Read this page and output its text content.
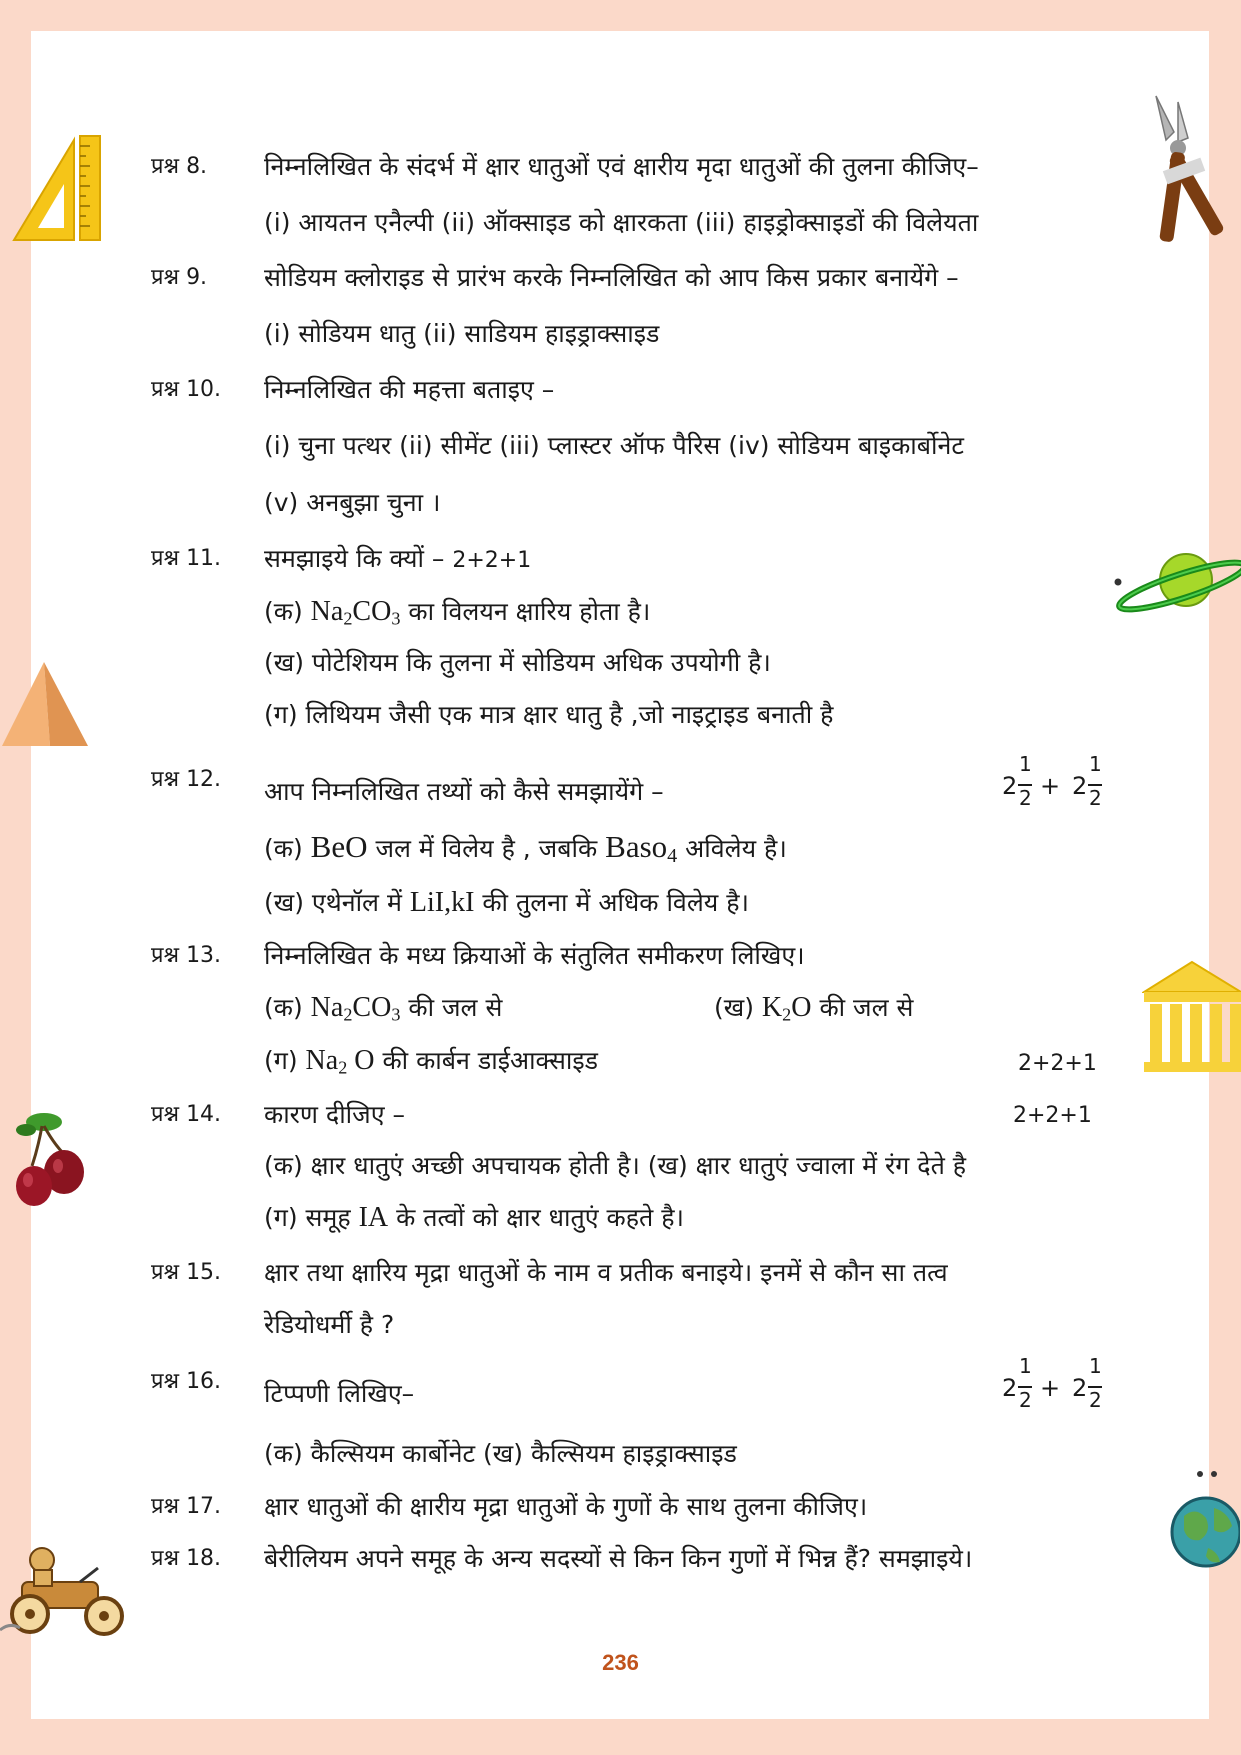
प्रश्न 8.	निम्नलिखित के संदर्भ में क्षार धातुओं एवं क्षारीय मृदा धातुओं की तुलना कीजिए–
(i) आयतन एनैल्पी (ii) ऑक्साइड को क्षारकता (iii) हाइड्रोक्साइडों की विलेयता
प्रश्न 9.	सोडियम क्लोराइड से प्रारंभ करके निम्नलिखित को आप किस प्रकार बनायेंगे –
(i) सोडियम धातु (ii) साडियम हाइड्राक्साइड
प्रश्न 10.	निम्नलिखित की महत्ता बताइए –
(i) चुना पत्थर (ii) सीमेंट (iii) प्लास्टर ऑफ पैरिस (iv) सोडियम बाइकार्बोनेट
(v) अनबुझा चुना ।
प्रश्न 11.	समझाइये कि क्यों – 2+2+1
(क) $Na_2CO_3$ का विलयन क्षारिय होता है।
(ख) पोटेशियम कि तुलना में सोडियम अधिक उपयोगी है।
(ग) लिथियम जैसी एक मात्र क्षार धातु है ,जो नाइट्राइड बनाती है
प्रश्न 12.	आप निम्नलिखित तथ्यों को कैसे समझायेंगे –	2
1
2 + 2
1
2
(क) BeO जल में विलेय है , जबकि Baso$_4$ अविलेय है।
(ख) एथेनॉल में LiI,kI की तुलना में अधिक विलेय है।
प्रश्न 13.	निम्नलिखित के मध्य क्रियाओं के संतुलित समीकरण लिखिए।
(क) $Na_2CO_3$ की जल से	(ख) $K_2O$ की जल से
(ग) $Na_2$ O की कार्बन डाईआक्साइड	2+2+1
प्रश्न 14.	कारण दीजिए –	2+2+1
(क) क्षार धातुएं अच्छी अपचायक होती है। (ख) क्षार धातुएं ज्वाला में रंग देते है
(ग) समूह IA के तत्वों को क्षार धातुएं कहते है।
प्रश्न 15.	क्षार तथा क्षारिय मृद्रा धातुओं के नाम व प्रतीक बनाइये। इनमें से कौन सा तत्व
रेडियोधर्मी है ?
प्रश्न 16.	टिप्पणी लिखिए–	2
1
2 + 2
1
2
(क) कैल्सियम कार्बोनेट (ख) कैल्सियम हाइड्राक्साइड
प्रश्न 17.	क्षार धातुओं की क्षारीय मृद्रा धातुओं के गुणों के साथ तुलना कीजिए।
प्रश्न 18.	बेरीलियम अपने समूह के अन्य सदस्यों से किन किन गुणों में भिन्न हैं? समझाइये।
236
